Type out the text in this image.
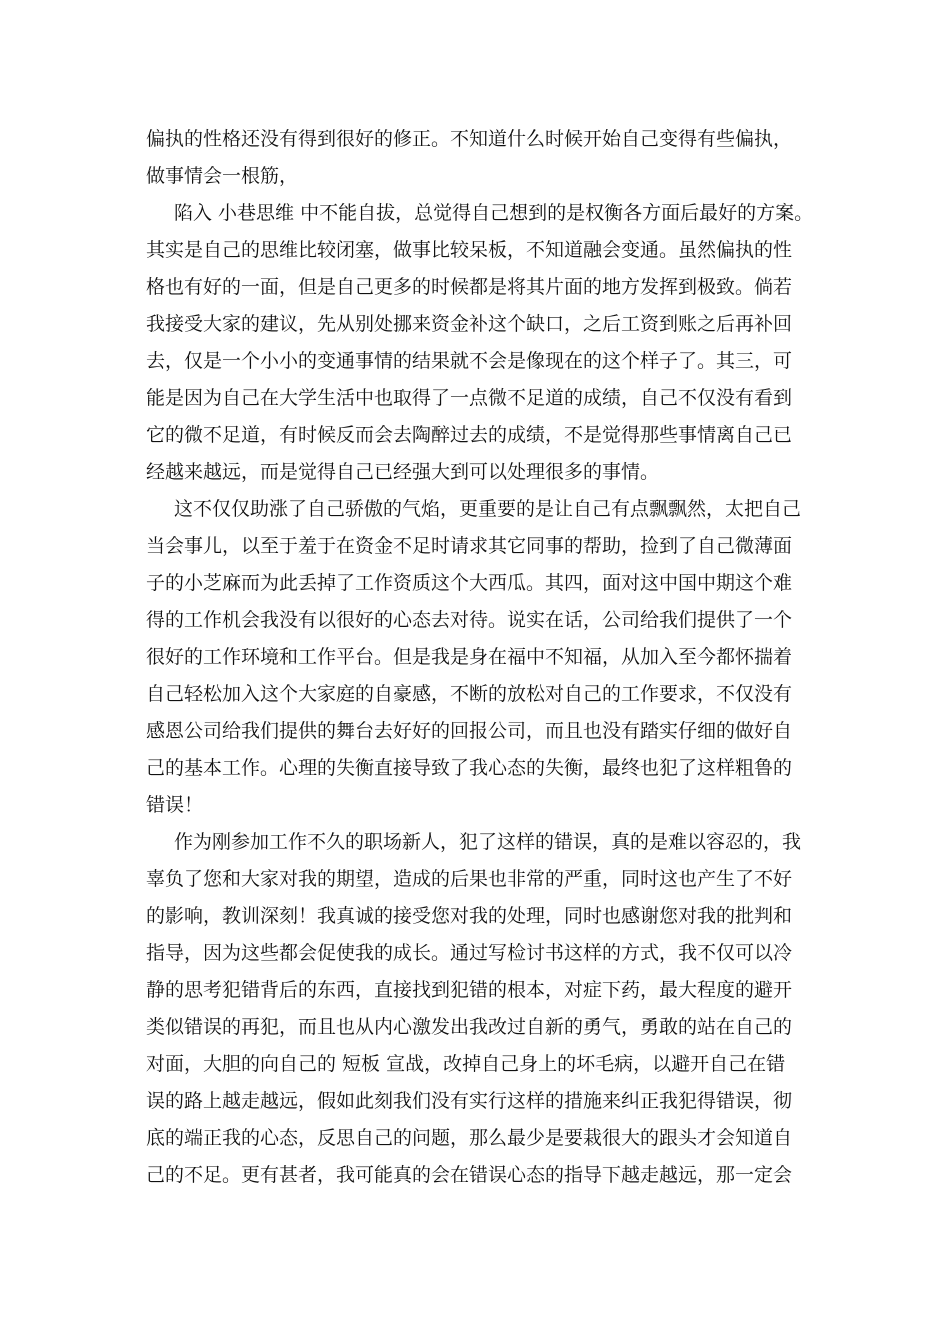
偏执的性格还没有得到很好的修正。不知道什么时候开始自己变得有些偏执，
做事情会一根筋，
陷入 小巷思维 中不能自拔，总觉得自己想到的是权衡各方面后最好的方案。
其实是自己的思维比较闭塞，做事比较呆板，不知道融会变通。虽然偏执的性
格也有好的一面，但是自己更多的时候都是将其片面的地方发挥到极致。倘若
我接受大家的建议，先从别处挪来资金补这个缺口，之后工资到账之后再补回
去，仅是一个小小的变通事情的结果就不会是像现在的这个样子了。其三，可
能是因为自己在大学生活中也取得了一点微不足道的成绩，自己不仅没有看到
它的微不足道，有时候反而会去陶醉过去的成绩，不是觉得那些事情离自己已
经越来越远，而是觉得自己已经强大到可以处理很多的事情。
这不仅仅助涨了自己骄傲的气焰，更重要的是让自己有点飘飘然，太把自己
当会事儿，以至于羞于在资金不足时请求其它同事的帮助，捡到了自己微薄面
子的小芝麻而为此丢掉了工作资质这个大西瓜。其四，面对这中国中期这个难
得的工作机会我没有以很好的心态去对待。说实在话，公司给我们提供了一个
很好的工作环境和工作平台。但是我是身在福中不知福，从加入至今都怀揣着
自己轻松加入这个大家庭的自豪感，不断的放松对自己的工作要求，不仅没有
感恩公司给我们提供的舞台去好好的回报公司，而且也没有踏实仔细的做好自
己的基本工作。心理的失衡直接导致了我心态的失衡，最终也犯了这样粗鲁的
错误！
作为刚参加工作不久的职场新人，犯了这样的错误，真的是难以容忍的，我
辜负了您和大家对我的期望，造成的后果也非常的严重，同时这也产生了不好
的影响，教训深刻！我真诚的接受您对我的处理，同时也感谢您对我的批判和
指导，因为这些都会促使我的成长。通过写检讨书这样的方式，我不仅可以冷
静的思考犯错背后的东西，直接找到犯错的根本，对症下药，最大程度的避开
类似错误的再犯，而且也从内心激发出我改过自新的勇气，勇敢的站在自己的
对面，大胆的向自己的 短板 宣战，改掉自己身上的坏毛病，以避开自己在错
误的路上越走越远，假如此刻我们没有实行这样的措施来纠正我犯得错误，彻
底的端正我的心态，反思自己的问题，那么最少是要栽很大的跟头才会知道自
己的不足。更有甚者，我可能真的会在错误心态的指导下越走越远，那一定会
